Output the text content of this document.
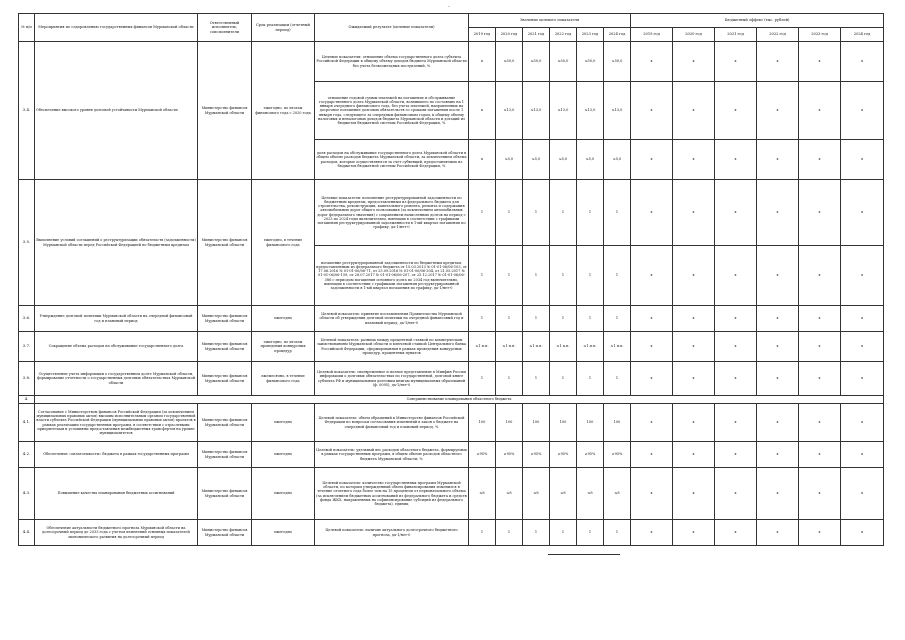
·
№ п/п	Мероприятия по оздоровлению государственных финансов Мурманской области	Ответственный исполнитель, соисполнители	Срок реализации (отчетный период)	Ожидаемый результат (целевые показатели)	Значение целевого показателя						Бюджетный эффект (тыс. рублей)					
					2019 год	2020 год	2021 год	2022 год	2023 год	2024 год	2019 год	2020 год	2021 год	2022 год	2023 год	2024 год
3.4.	Обеспечение высокого уровня долговой устойчивости Мурманской области	Министерство финансов Мурманской области	ежегодно, по итогам финансового года с 2020 года	Целевые показатели: отношение объема государственного долга субъекта Российской Федерации к общему объему доходов бюджета Мурманской области без учета безвозмездных поступлений, %	x	≤50,0	≤50,0	≤50,0	≤50,0	≤50,0	x	x	x	x	x	x
				отношение годовой суммы платежей на погашение и обслуживание государственного долга Мурманской области, возникшего по состоянию на 1 января очередного финансового года, без учета платежей, направленных на досрочное погашение долговых обязательств со сроками погашения после 1 января года, следующего за очередным финансовым годом, к общему объему налоговых и неналоговых доходов бюджета Мурманской области и дотаций из бюджетов бюджетной системы Российской Федерации, %	x	≤13,0	≤13,0	≤13,0	≤13,0	≤13,0	x	x	x	x	x	x
				доля расходов на обслуживание государственного долга Мурманской области в общем объеме расходов бюджета Мурманской области, за исключением объема расходов, которые осуществляются за счет субвенций, предоставляемых из бюджетов бюджетной системы Российской Федерации, %	x	≤5,0	≤5,0	≤5,0	≤5,0	≤5,0	x	x	x	x	x	x
3.5.	Выполнение условий соглашений о реструктуризации обязательств (задолженности) Мурманской области перед Российской Федерацией по бюджетным кредитам	Министерство финансов Мурманской области	ежегодно, в течение финансового года	Целевые показатели: исполнение реструктурированной задолженности по бюджетным кредитам, предоставленным из федерального бюджета для строительства, реконструкции, капитального ремонта, ремонта и содержания автомобильных дорог общего пользования (за исключением автомобильных дорог федерального значения) с сохранением начисленных долгов на период с 2023 по 2024 годы включительно, имеющих в соответствии с графиками погашения реструктурированной задолженности в 1-ый квартал погашения по графику, да-1/нет-0	1	1	1	1	1	1	x	x	x	x	x	x
				погашение реструктурированной задолженности по бюджетным кредитам, предоставленным из федерального бюджета от 15.03.2013 № 01-01-06/06-103, от 17.06.2016 № 01-01-06/06-71, от 25.09.2016 № 01-01-06/06-204, от 21.05.2017 № 01-01-06/06-159, от 28.07.2017 № 01-01-06/06-207, от 25.12.2017 № 01-01-06/06-386 с периодом погашения основного долга по 2034 год включительно, имеющих в соответствии с графиками погашения реструктурированной задолженности в 1-ый квартал погашения по графику, да-1/нет-0	1	1	1	1	1	1	x	x	x	x	x	x
3.6.	Утверждение долговой политики Мурманской области на очередной финансовый год и плановый период	Министерство финансов Мурманской области	ежегодно	Целевой показатель: принятие постановления Правительства Мурманской области об утверждении долговой политики на очередной финансовый год и плановый период, да-1/нет-0	1	1	1	1	1	1	x	x	x	x	x	x
3.7.	Сокращение объема расходов на обслуживание государственного долга	Министерство финансов Мурманской области	ежегодно, по итогам проведения конкурсных процедур	Целевой показатель: разница между процентной ставкой по коммерческим заимствованиям Мурманской области и ключевой ставкой Центрального банка Российской Федерации, сформированная в рамках проведения конкурсных процедур, процентных пунктов	≤1 п.п.	≤1 п.п.	≤1 п.п.	≤1 п.п.	≤1 п.п.	≤1 п.п.	x	x	x	x	x	x
3.8.	Осуществление учета информации о государственном долге Мурманской области, формирование отчетности о государственных долговых обязательствах Мурманской области	Министерство финансов Мурманской области	ежемесячно, в течение финансового года	Целевой показатель: своевременное и полное представление в Минфин России информации о долговых обязательствах по государственной, долговой книге субъекта РФ и муниципальным долговым книгам муниципальных образований (ф. 0095), да-1/нет-0	1	1	1	1	1	1	x	x	x	x	x	x
4.	Совершенствование планирования областного бюджета															
4.1.	Согласование с Министерством финансов Российской Федерации (за исключением муниципальных правовых актов) высшим исполнительным органом государственной власти субъекта Российской Федерации (муниципальных правовых актов) проектов в рамках реализации государственных программ, в соответствии с отраслевыми приоритетами и условиями предоставления межбюджетных трансфертов на уровне муниципалитетов	Министерство финансов Мурманской области	ежегодно	Целевой показатель: объем обращений в Министерство финансов Российской Федерации по вопросам согласования изменений в закон о бюджете на очередной финансовый год и плановый период, %	100	100	100	100	100	100	x	x	x	x	x	x
4.2.	Обеспечение «оплатоемкости» бюджета в рамках государственных программ	Министерство финансов Мурманской области	ежегодно	Целевой показатель: удельный вес расходов областного бюджета, формируемых в рамках государственных программ, в общем объеме расходов областного бюджета Мурманской области, %	≥95%	≥95%	≥95%	≥95%	≥95%	≥95%	x	x	x	x	x	x
4.3.	Повышение качества планирования бюджетных ассигнований	Министерство финансов Мурманской области	ежегодно	Целевой показатель: количество государственных программ Мурманской области, по которым утвержденный объем финансирования изменился в течение отчетного года более чем на 15 процентов от первоначального объема (за исключением бюджетных ассигнований из федерального бюджета и средств фонда ЖКХ, направленных на софинансирование субсидий из федерального бюджета), единиц	≤8	≤8	≤8	≤8	≤8	≤8	x	x	x	x	x	x
4.4.	Обеспечение актуальности бюджетного прогноза Мурманской области на долгосрочный период до 2033 года с учетом изменений основных показателей экономического развития на долгосрочный период	Министерство финансов Мурманской области	ежегодно	Целевой показатель: наличие актуального долгосрочного бюджетного прогноза, да-1/нет-0	1	1	1	1	1	1	x	x	x	x	x	x
